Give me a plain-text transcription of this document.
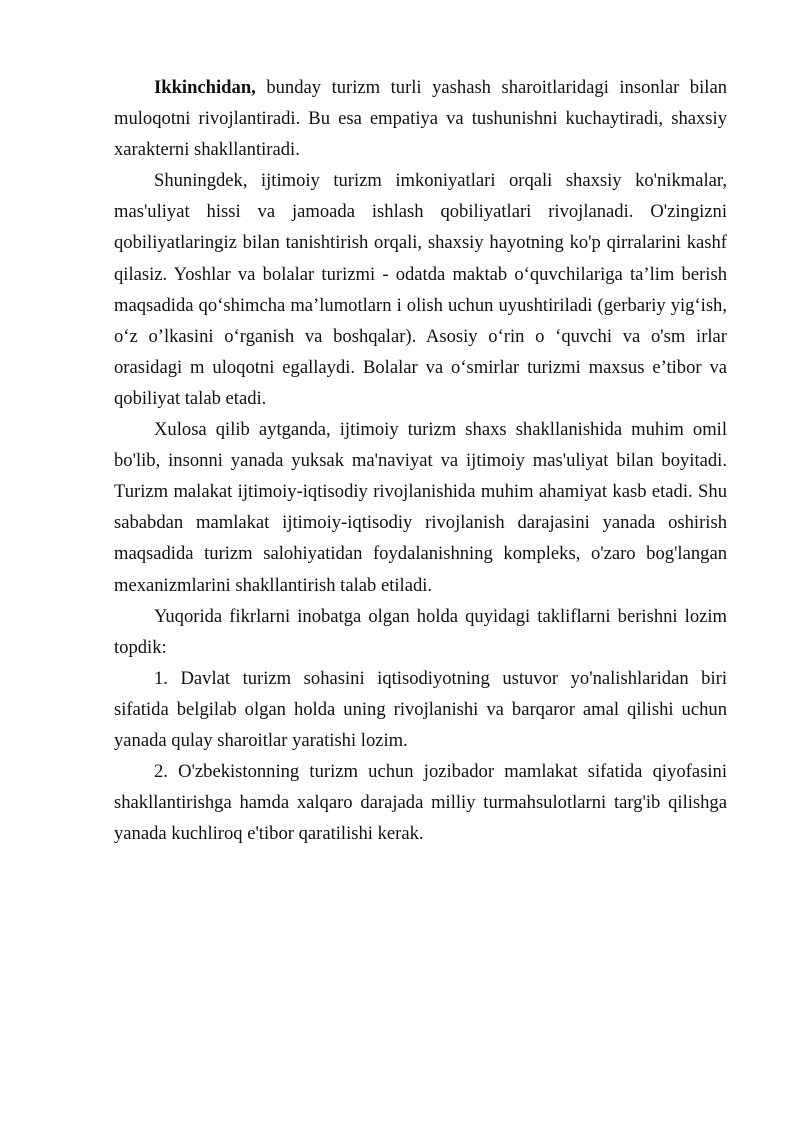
Ikkinchidan, bunday turizm turli yashash sharoitlaridagi insonlar bilan muloqotni rivojlantiradi. Bu esa empatiya va tushunishni kuchaytiradi, shaxsiy xarakterni shakllantiradi.

Shuningdek, ijtimoiy turizm imkoniyatlari orqali shaxsiy ko'nikmalar, mas'uliyat hissi va jamoada ishlash qobiliyatlari rivojlanadi. O'zingizni qobiliyatlaringiz bilan tanishtirish orqali, shaxsiy hayotning ko'p qirralarini kashf qilasiz. Yoshlar va bolalar turizmi - odatda maktab o‘quvchilariga ta’lim berish maqsadida qo‘shimcha ma’lumotlarn i olish uchun uyushtiriladi (gerbariy yig‘ish, o‘z o’lkasini o‘rganish va boshqalar). Asosiy o‘rin o ‘quvchi va o'sm irlar orasidagi m uloqotni egallaydi. Bolalar va o‘smirlar turizmi maxsus e’tibor va qobiliyat talab etadi.

Xulosa qilib aytganda, ijtimoiy turizm shaxs shakllanishida muhim omil bo'lib, insonni yanada yuksak ma'naviyat va ijtimoiy mas'uliyat bilan boyitadi. Turizm malakat ijtimoiy-iqtisodiy rivojlanishida muhim ahamiyat kasb etadi. Shu sababdan mamlakat ijtimoiy-iqtisodiy rivojlanish darajasini yanada oshirish maqsadida turizm salohiyatidan foydalanishning kompleks, o'zaro bog'langan mexanizmlarini shakllantirish talab etiladi.

Yuqorida fikrlarni inobatga olgan holda quyidagi takliflarni berishni lozim topdik:

1. Davlat turizm sohasini iqtisodiyotning ustuvor yo'nalishlaridan biri sifatida belgilab olgan holda uning rivojlanishi va barqaror amal qilishi uchun yanada qulay sharoitlar yaratishi lozim.

2. O'zbekistonning turizm uchun jozibador mamlakat sifatida qiyofasini shakllantirishga hamda xalqaro darajada milliy turmahsulotlarni targ'ib qilishga yanada kuchliroq e'tibor qaratilishi kerak.
